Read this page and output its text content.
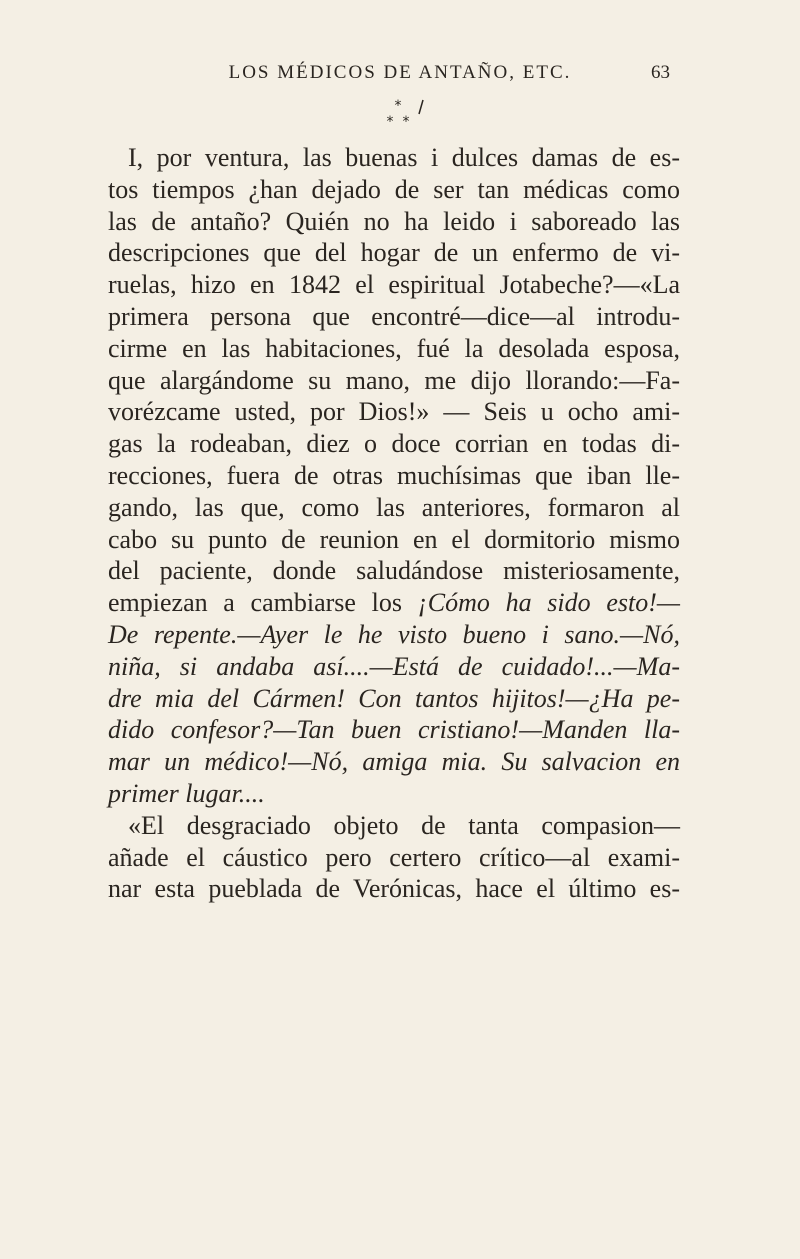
LOS MÉDICOS DE ANTAÑO, ETC.	63
*
* *
I, por ventura, las buenas i dulces damas de es-
tos tiempos ¿han dejado de ser tan médicas como
las de antaño? Quién no ha leido i saboreado las
descripciones que del hogar de un enfermo de vi-
ruelas, hizo en 1842 el espiritual Jotabeche?—«La
primera persona que encontré—dice—al introdu-
cirme en las habitaciones, fué la desolada esposa,
que alargándome su mano, me dijo llorando:—Fa-
vorézcame usted, por Dios!» — Seis u ocho ami-
gas la rodeaban, diez o doce corrian en todas di-
recciones, fuera de otras muchísimas que iban lle-
gando, las que, como las anteriores, formaron al
cabo su punto de reunion en el dormitorio mismo
del paciente, donde saludándose misteriosamente,
empiezan a cambiarse los ¡Cómo ha sido esto!—
De repente.—Ayer le he visto bueno i sano.—Nó,
niña, si andaba así....—Está de cuidado!...—Ma-
dre mia del Cármen! Con tantos hijitos!—¿Ha pe-
dido confesor?—Tan buen cristiano!—Manden lla-
mar un médico!—Nó, amiga mia. Su salvacion en
primer lugar....
«El desgraciado objeto de tanta compasion—
añade el cáustico pero certero crítico—al exami-
nar esta pueblada de Verónicas, hace el último es-
